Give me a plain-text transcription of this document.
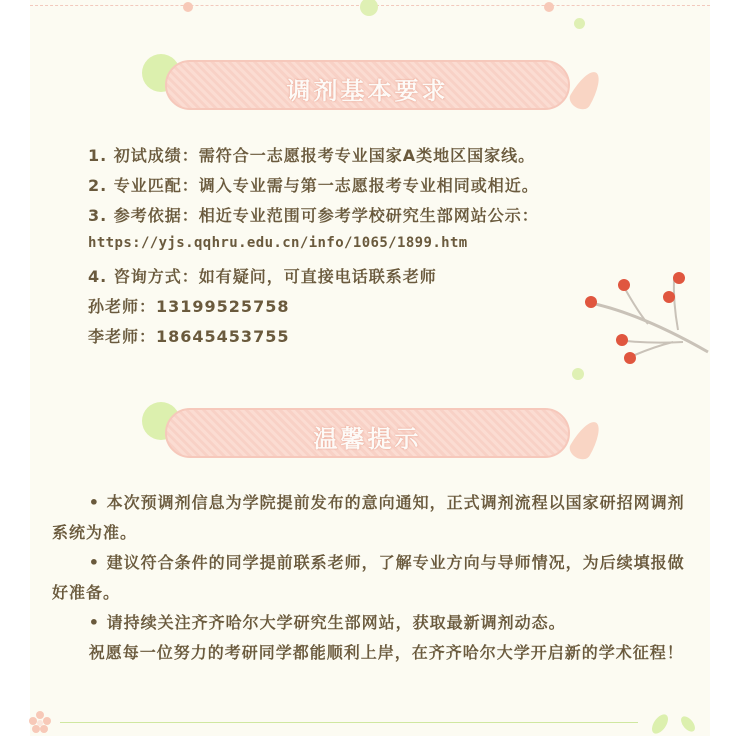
调剂基本要求
1. 初试成绩：需符合一志愿报考专业国家A类地区国家线。
2. 专业匹配：调入专业需与第一志愿报考专业相同或相近。
3. 参考依据：相近专业范围可参考学校研究生部网站公示：
https://yjs.qqhru.edu.cn/info/1065/1899.htm
4. 咨询方式：如有疑问，可直接电话联系老师
孙老师：13199525758
李老师：18645453755
温馨提示

• 本次预调剂信息为学院提前发布的意向通知，正式调剂流程以国家研招网调剂系统为准。

• 建议符合条件的同学提前联系老师，了解专业方向与导师情况，为后续填报做好准备。

• 请持续关注齐齐哈尔大学研究生部网站，获取最新调剂动态。

祝愿每一位努力的考研同学都能顺利上岸，在齐齐哈尔大学开启新的学术征程！
